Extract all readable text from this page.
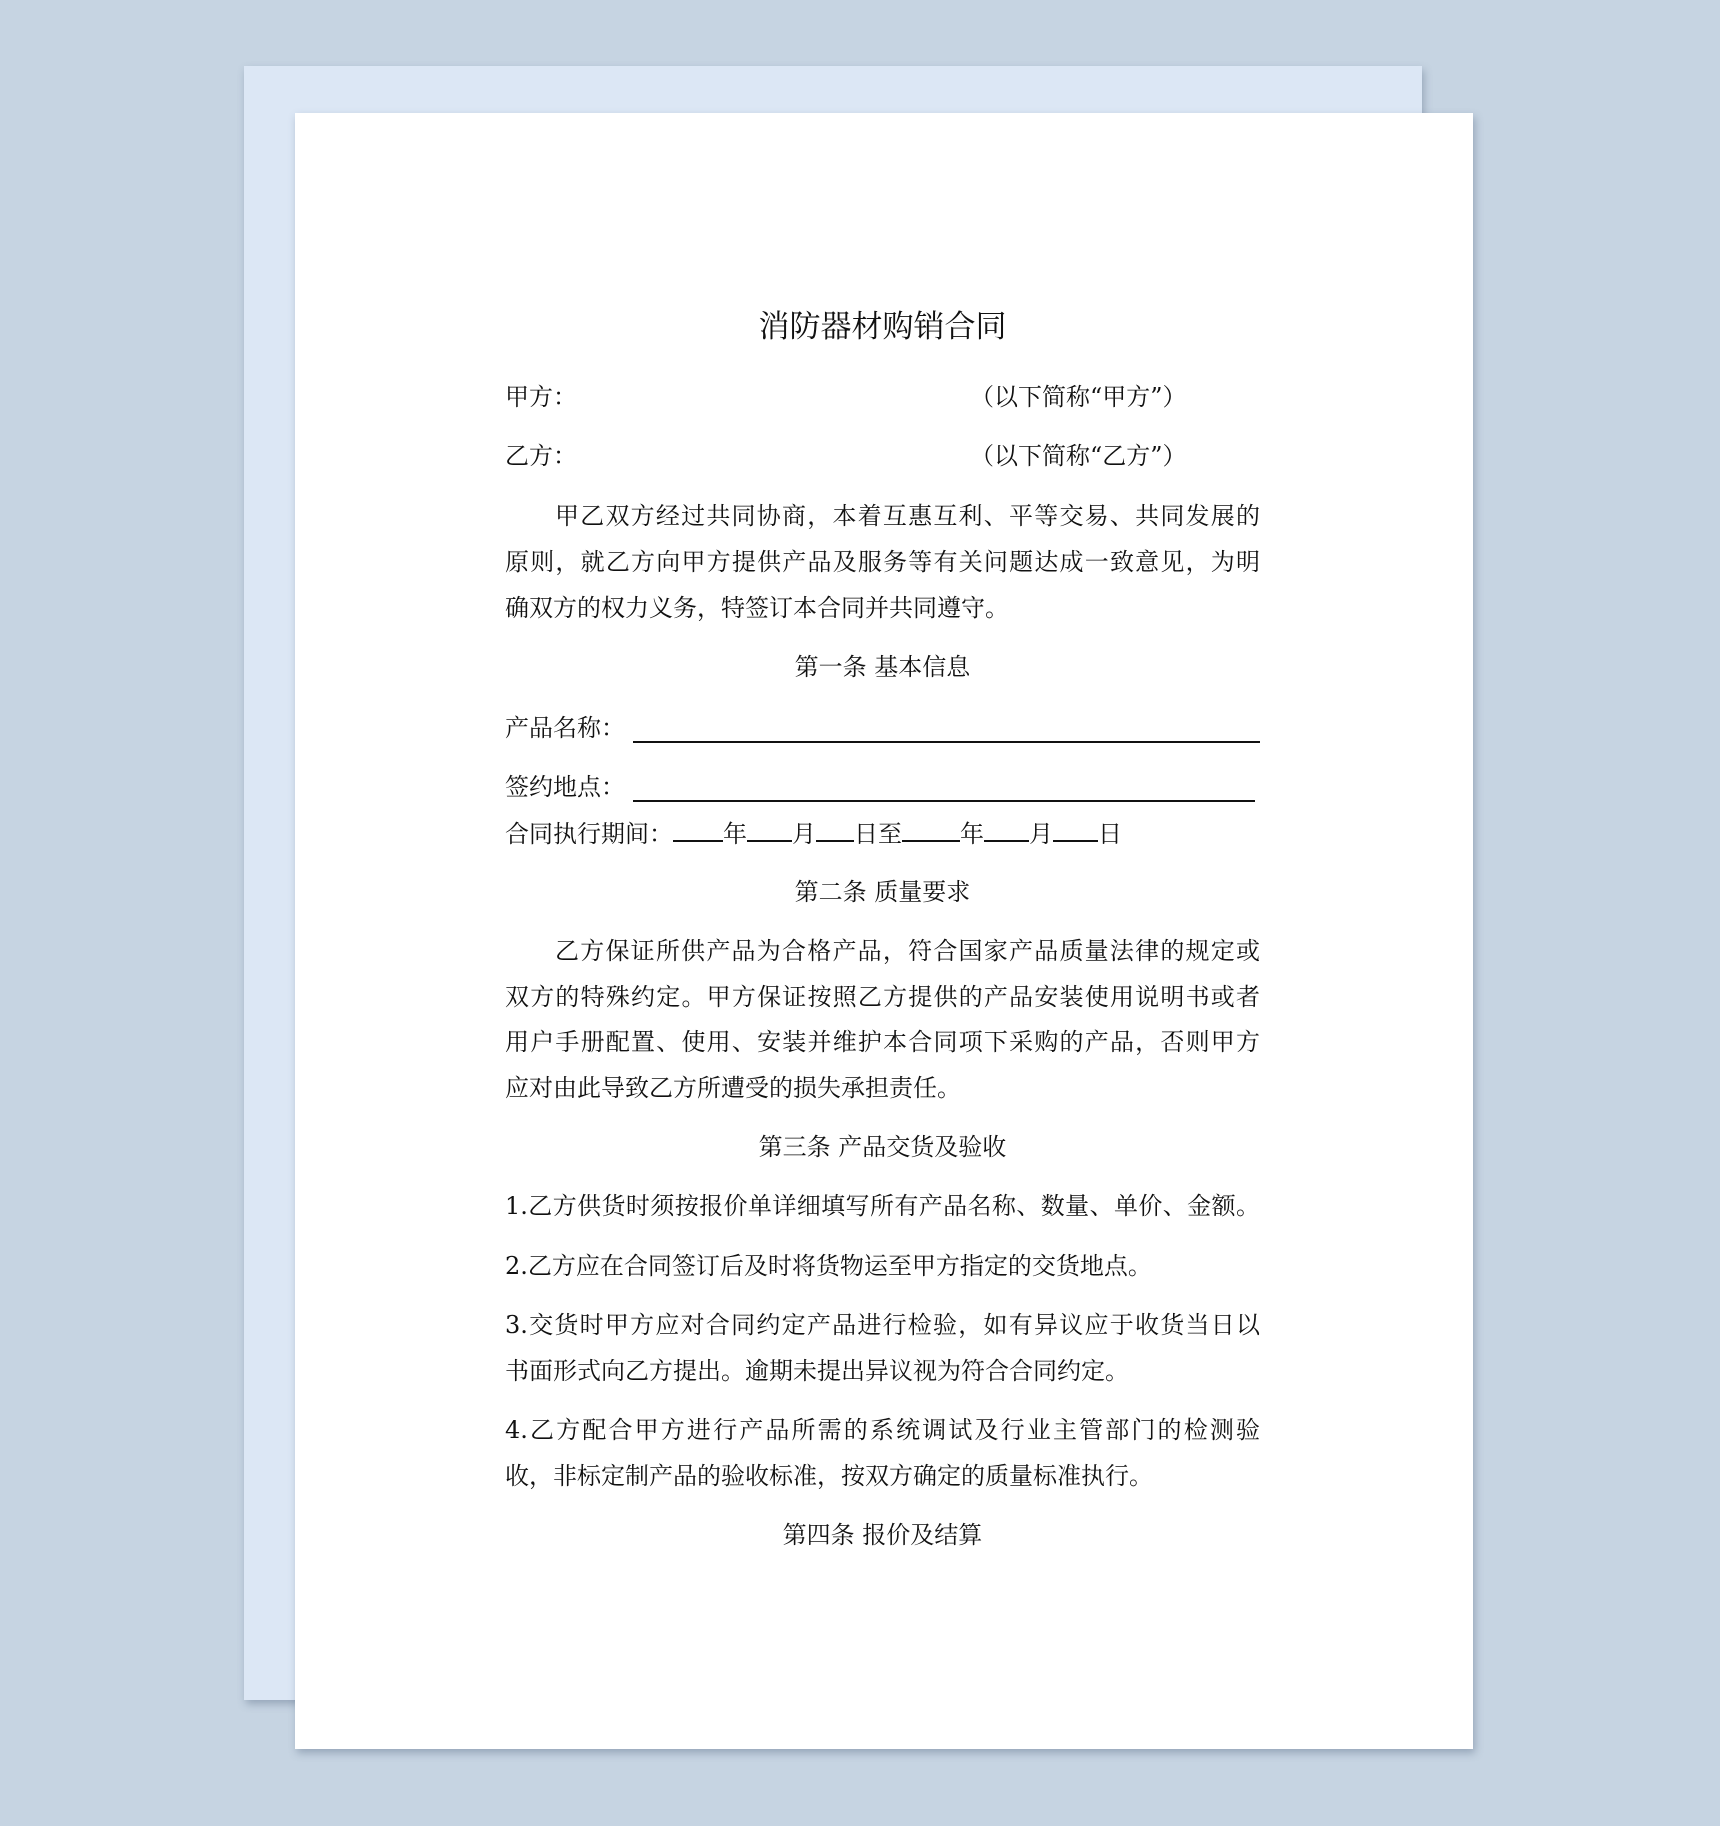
消防器材购销合同
甲方：	（以下简称“甲方”）
乙方：	（以下简称“乙方”）
甲乙双方经过共同协商，本着互惠互利、平等交易、共同发展的
原则，就乙方向甲方提供产品及服务等有关问题达成一致意见，为明
确双方的权力义务，特签订本合同并共同遵守。
第一条 基本信息
产品名称：
签约地点：
合同执行期间： 年 月 日至 年 月 日
第二条 质量要求
乙方保证所供产品为合格产品，符合国家产品质量法律的规定或
双方的特殊约定。甲方保证按照乙方提供的产品安装使用说明书或者
用户手册配置、使用、安装并维护本合同项下采购的产品，否则甲方
应对由此导致乙方所遭受的损失承担责任。
第三条 产品交货及验收
1.乙方供货时须按报价单详细填写所有产品名称、数量、单价、金额。
2.乙方应在合同签订后及时将货物运至甲方指定的交货地点。
3.交货时甲方应对合同约定产品进行检验，如有异议应于收货当日以
书面形式向乙方提出。逾期未提出异议视为符合合同约定。
4.乙方配合甲方进行产品所需的系统调试及行业主管部门的检测验
收，非标定制产品的验收标准，按双方确定的质量标准执行。
第四条 报价及结算
